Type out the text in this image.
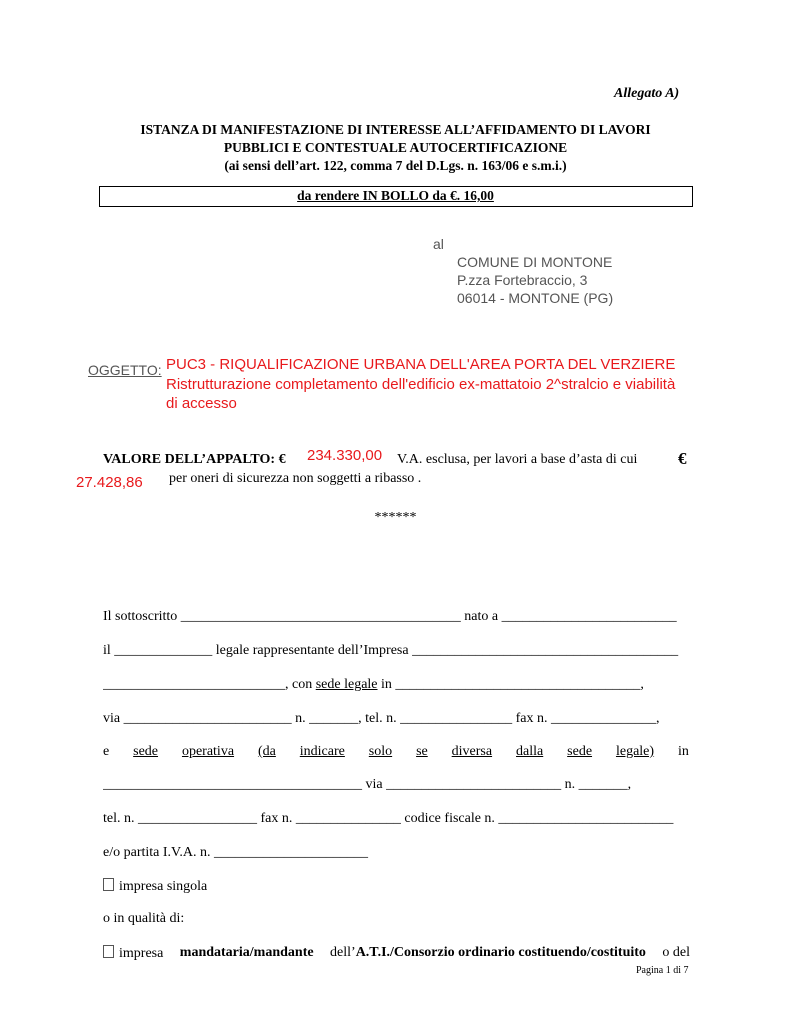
Allegato A)
ISTANZA DI MANIFESTAZIONE DI INTERESSE ALL’AFFIDAMENTO DI LAVORI
PUBBLICI E CONTESTUALE AUTOCERTIFICAZIONE
(ai sensi dell’art. 122, comma 7 del D.Lgs. n. 163/06 e s.m.i.)
da rendere IN BOLLO da €. 16,00
al
COMUNE DI MONTONE
P.zza Fortebraccio, 3
06014 - MONTONE (PG)
OGGETTO: PUC3 - RIQUALIFICAZIONE URBANA DELL'AREA PORTA DEL VERZIERE
Ristrutturazione completamento dell'edificio ex-mattatoio 2^stralcio e viabilità
di accesso
VALORE DELL’APPALTO: € 234.330,00 V.A. esclusa, per lavori a base d’asta di cui €
27.428,86 per oneri di sicurezza non soggetti a ribasso .
******
Il sottoscritto ________________________________________ nato a _________________________
il ______________ legale rappresentante dell’Impresa ______________________________________
__________________________, con sede legale in ___________________________________,
via ________________________ n. _______, tel. n. ________________ fax n. _______________,
e sede operativa (da indicare solo se diversa dalla sede legale) in
_____________________________________ via _________________________ n. _______,
tel. n. _________________ fax n. _______________ codice fiscale n. _________________________
e/o partita I.V.A. n. ______________________
impresa singola
o in qualità di:
impresa mandataria/mandante dell’A.T.I./Consorzio ordinario costituendo/costituito o del
Pagina 1 di 7
